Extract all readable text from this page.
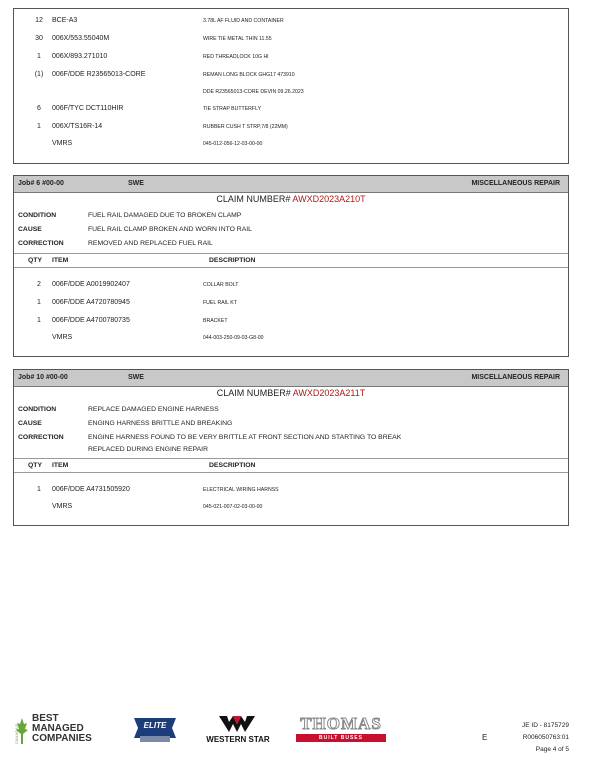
12	BCE-A3	3.78L AF FLUID AND CONTAINER
30	006X/553.55040M	WIRE TIE METAL THIN 11.55
1	006X/893.271010	RED THREADLOCK 10G HI
(1)	006F/DDE R23565013-CORE	REMAN LONG BLOCK GHG17 473910
DDE R23565013-CORE DEVIN 09.26.2023
6	006F/TYC DCT110HIR	TIE STRAP BUTTERFLY
1	006X/TS16R-14	RUBBER CUSH T STRP,7/8 (22MM)
VMRS	045-012-056-12-03-00-00
Job# 6 #00-00	SWE	MISCELLANEOUS REPAIR
CLAIM NUMBER# AWXD2023A210T
CONDITION	FUEL RAIL DAMAGED DUE TO BROKEN CLAMP
CAUSE	FUEL RAIL CLAMP BROKEN AND WORN INTO RAIL
CORRECTION	REMOVED AND REPLACED FUEL RAIL
QTY ITEM	DESCRIPTION
2	006F/DDE A0019902407	COLLAR BOLT
1	006F/DDE A4720780945	FUEL RAIL KT
1	006F/DDE A4700780735	BRACKET
VMRS	044-003-250-09-03-G8-00
Job# 10 #00-00	SWE	MISCELLANEOUS REPAIR
CLAIM NUMBER# AWXD2023A211T
CONDITION	REPLACE DAMAGED ENGINE HARNESS
CAUSE	ENGING HARNESS BRITTLE AND BREAKING
CORRECTION	ENGINE HARNESS FOUND TO BE VERY BRITTLE AT FRONT SECTION AND STARTING TO BREAK
REPLACED DURING ENGINE REPAIR
QTY ITEM	DESCRIPTION
1	006F/DDE A4731505920	ELECTRICAL WIRING HARNSS
VMRS	045-021-007-02-03-00-00
CANADA'S
BEST
MANAGED
COMPANIES
ELITE
WESTERN STAR
THOMAS
BUILT BUSES	E
JE ID - 8175729
R006050763:01
Page 4 of 5
